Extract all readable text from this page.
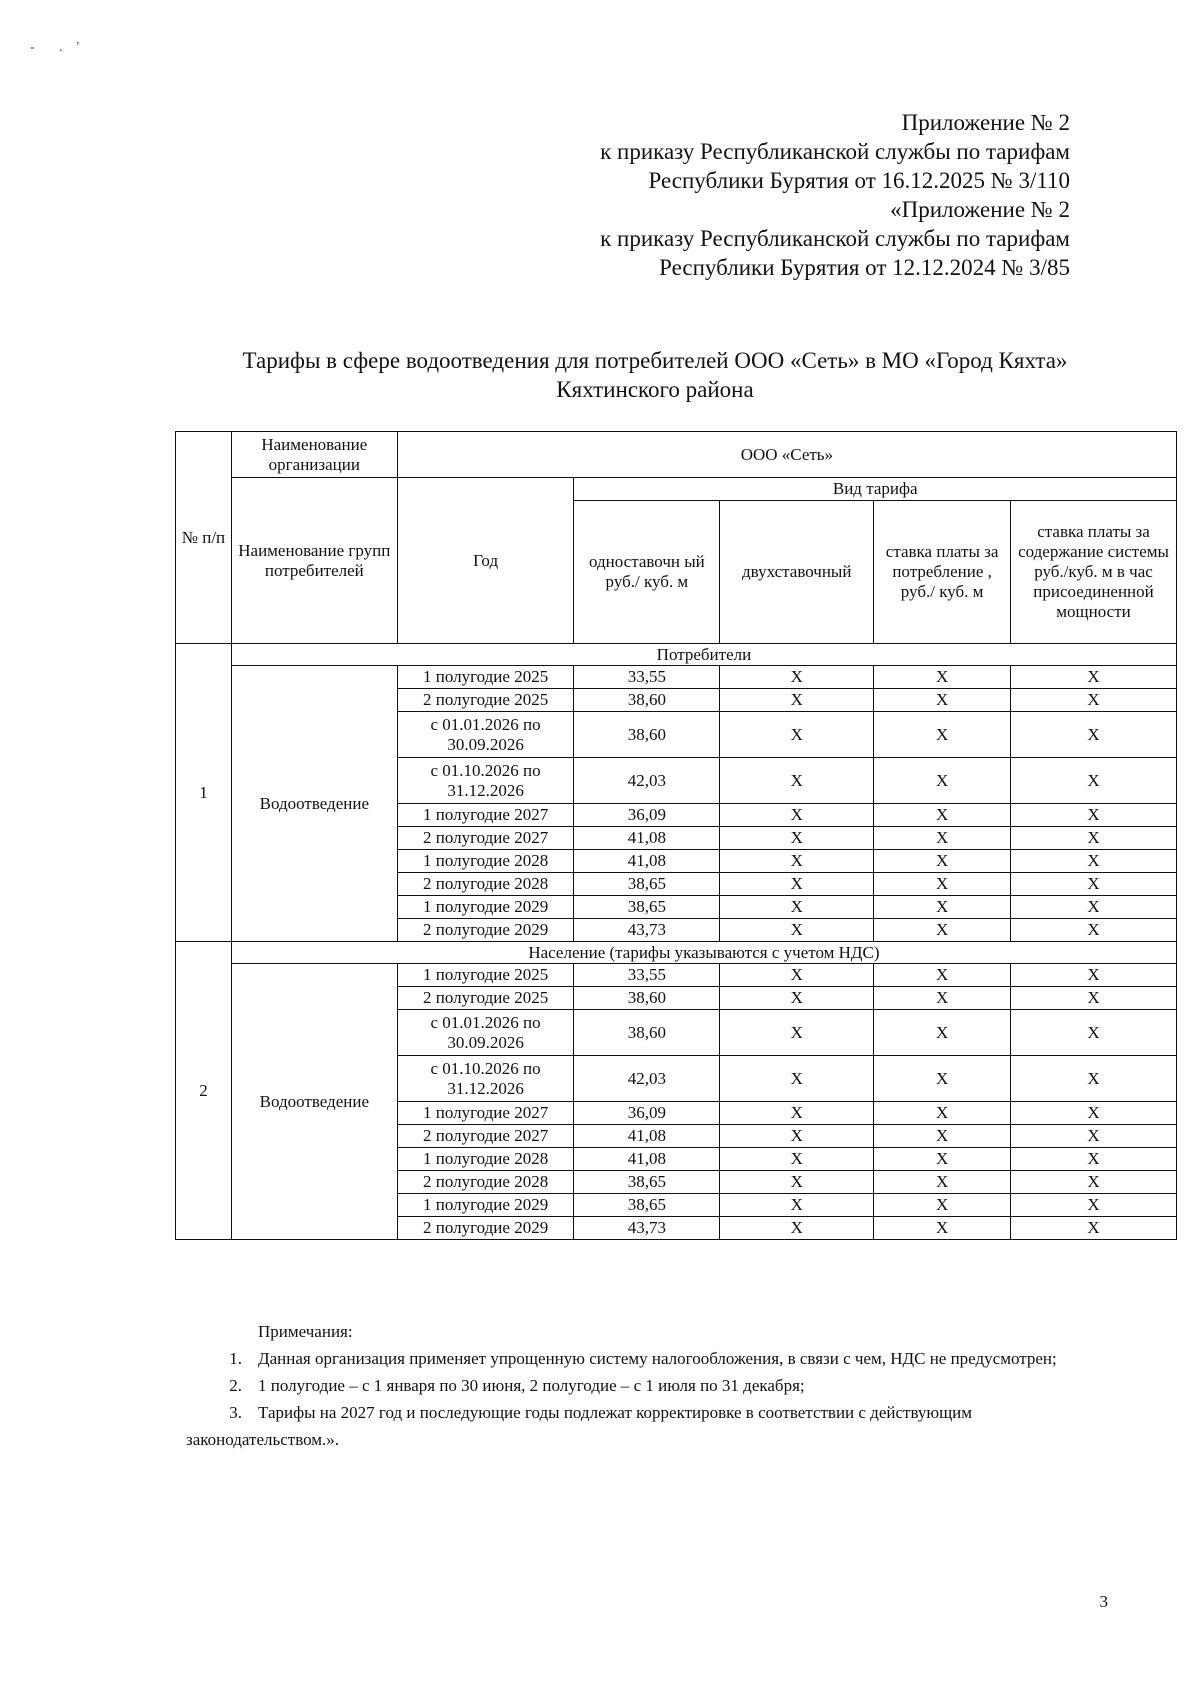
-       .    '
Приложение № 2
к приказу Республиканской службы по тарифам
Республики Бурятия от 16.12.2025 № 3/110
«Приложение № 2
к приказу Республиканской службы по тарифам
Республики Бурятия от 12.12.2024 № 3/85
Тарифы в сфере водоотведения для потребителей ООО «Сеть» в МО «Город Кяхта»
Кяхтинского района
№ п/п	Наименование организации	ООО «Сеть»				
	Наименование групп потребителей	Год	Вид тарифа			
			одноставочн ый руб./ куб. м	двухставочный	ставка платы за потребление , руб./ куб. м	ставка платы за содержание системы руб./куб. м в час присоединенной мощности
1	Потребители					
	Водоотведение	1 полугодие 2025	33,55	X	X	X
		2 полугодие 2025	38,60	X	X	X
		с 01.01.2026 по 30.09.2026	38,60	X	X	X
		с 01.10.2026 по 31.12.2026	42,03	X	X	X
		1 полугодие 2027	36,09	X	X	X
		2 полугодие 2027	41,08	X	X	X
		1 полугодие 2028	41,08	X	X	X
		2 полугодие 2028	38,65	X	X	X
		1 полугодие 2029	38,65	X	X	X
		2 полугодие 2029	43,73	X	X	X
2	Население (тарифы указываются с учетом НДС)					
	Водоотведение	1 полугодие 2025	33,55	X	X	X
		2 полугодие 2025	38,60	X	X	X
		с 01.01.2026 по 30.09.2026	38,60	X	X	X
		с 01.10.2026 по 31.12.2026	42,03	X	X	X
		1 полугодие 2027	36,09	X	X	X
		2 полугодие 2027	41,08	X	X	X
		1 полугодие 2028	41,08	X	X	X
		2 полугодие 2028	38,65	X	X	X
		1 полугодие 2029	38,65	X	X	X
		2 полугодие 2029	43,73	X	X	X
Примечания:
1. Данная организация применяет упрощенную систему налогообложения, в связи с чем, НДС не предусмотрен;
2. 1 полугодие – с 1 января по 30 июня, 2 полугодие – с 1 июля по 31 декабря;
3. Тарифы на 2027 год и последующие годы подлежат корректировке в соответствии с действующим
законодательством.».
3
